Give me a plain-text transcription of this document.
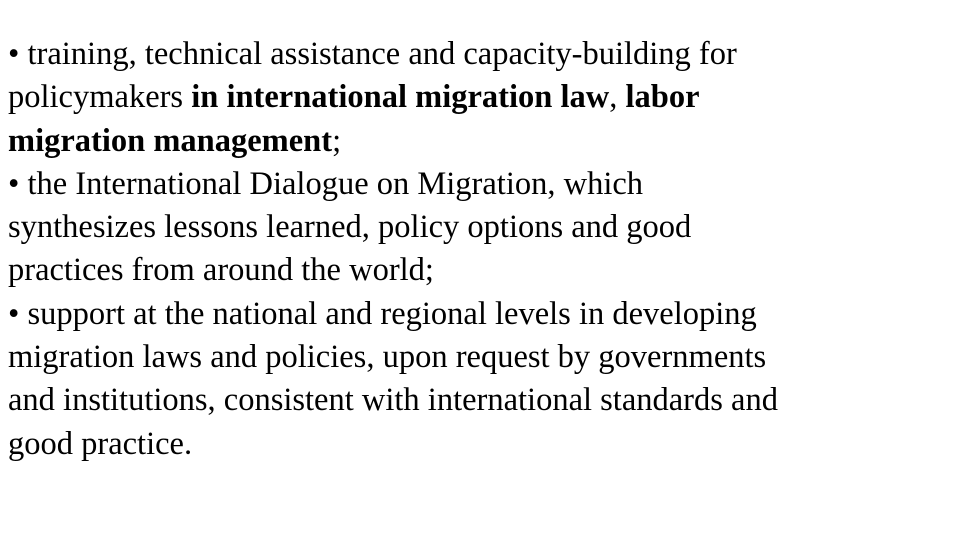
• training, technical assistance and capacity-building for
policymakers in international migration law, labor
migration management;

• the International Dialogue on Migration, which
synthesizes lessons learned, policy options and good
practices from around the world;

• support at the national and regional levels in developing
migration laws and policies, upon request by governments
and institutions, consistent with international standards and
good practice.
